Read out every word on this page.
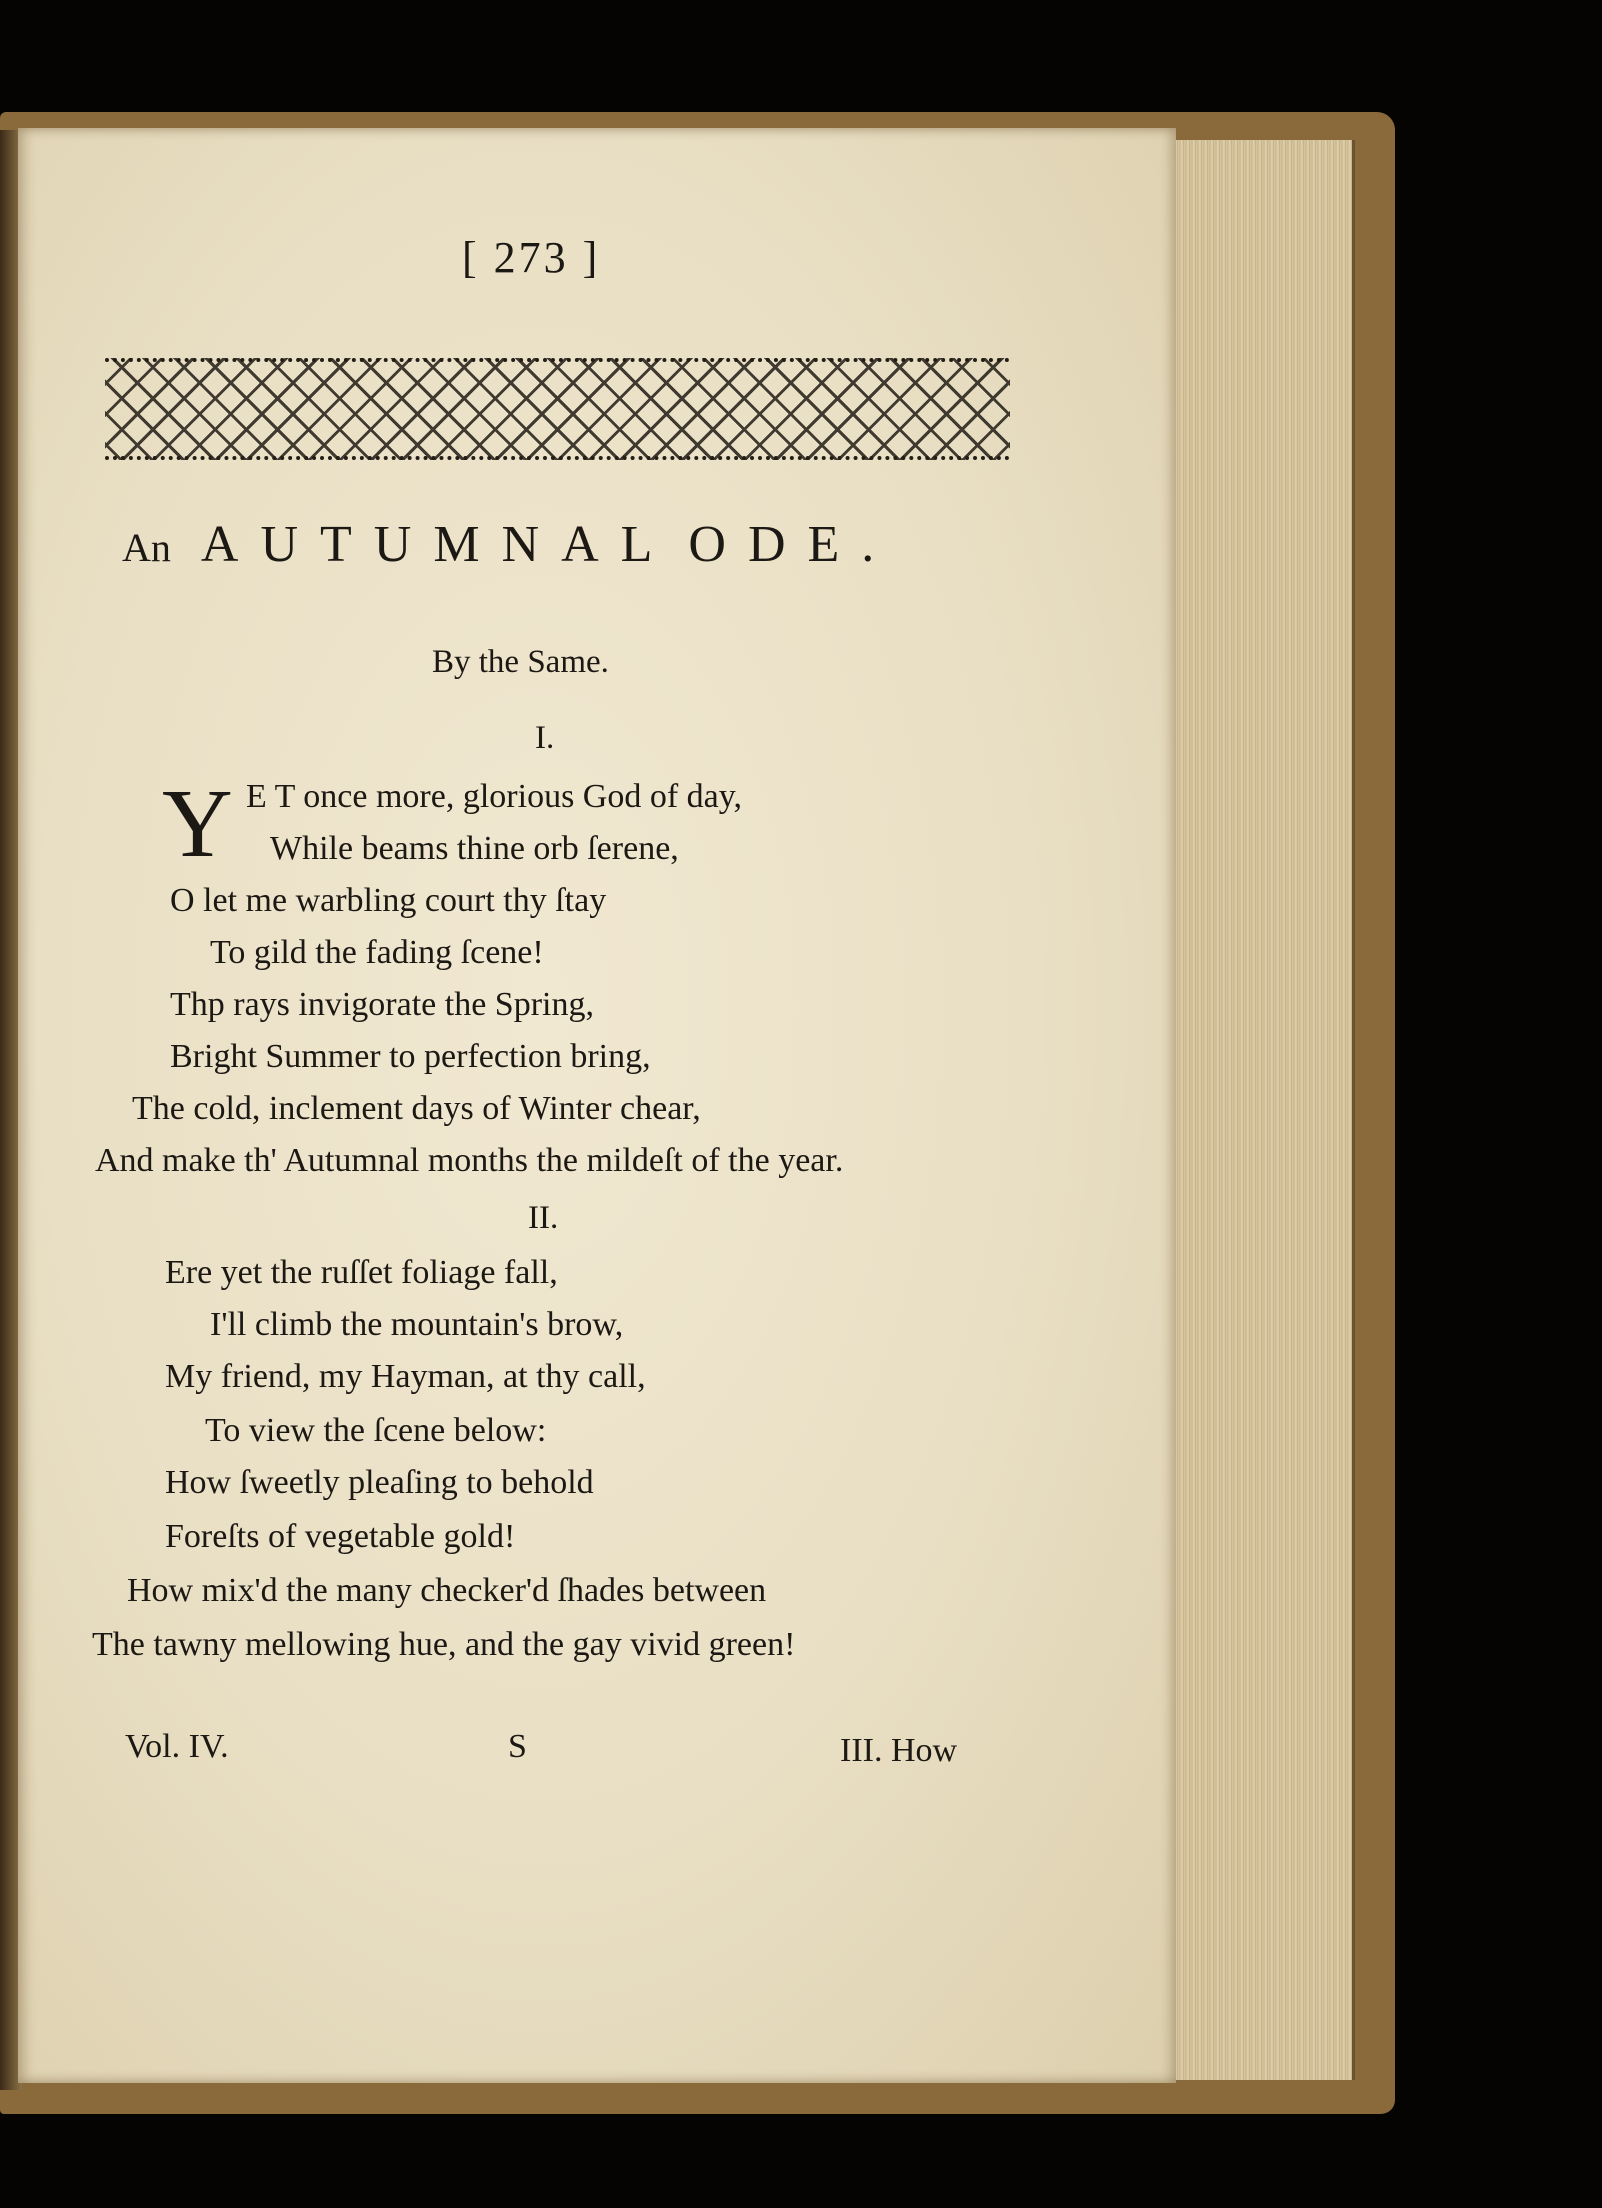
[ 273 ]
An AUTUMNAL ODE.
By the Same.
I.
Y E T once more, glorious God of day,
While beams thine orb ſerene,
O let me warbling court thy ſtay
To gild the fading ſcene!
Thp rays invigorate the Spring,
Bright Summer to perfection bring,
The cold, inclement days of Winter chear,
And make th' Autumnal months the mildeſt of the year.
II.
Ere yet the ruſſet foliage fall,
I'll climb the mountain's brow,
My friend, my Hayman, at thy call,
To view the ſcene below:
How ſweetly pleaſing to behold
Foreſts of vegetable gold!
How mix'd the many checker'd ſhades between
The tawny mellowing hue, and the gay vivid green!
Vol. IV.	S	III. How
